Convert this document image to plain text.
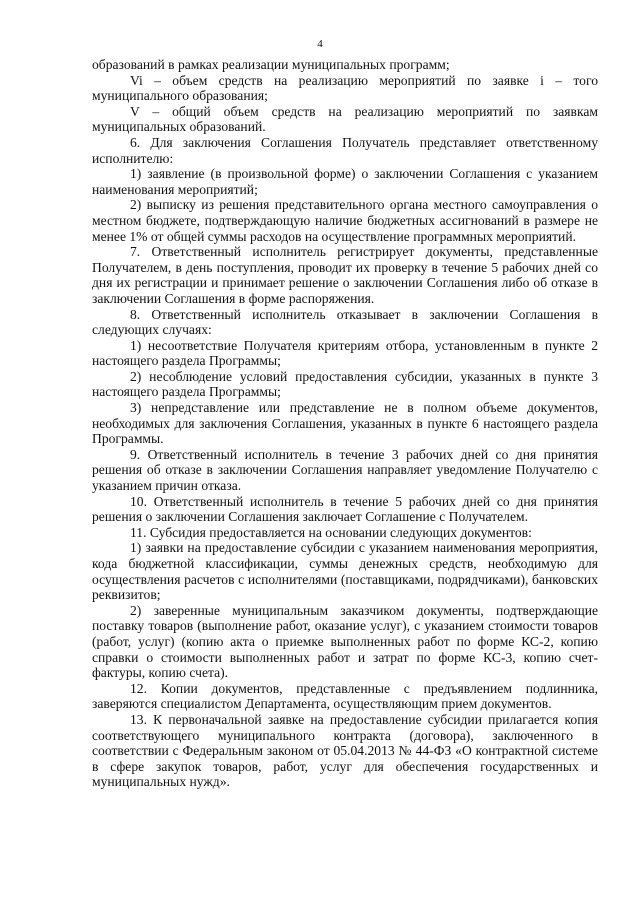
4

образований в рамках реализации муниципальных программ;

Vi – объем средств на реализацию мероприятий по заявке i – того муниципального образования;

V – общий объем средств на реализацию мероприятий по заявкам муниципальных образований.

6. Для заключения Соглашения Получатель представляет ответственному исполнителю:

1) заявление (в произвольной форме) о заключении Соглашения с указанием наименования мероприятий;

2) выписку из решения представительного органа местного самоуправления о местном бюджете, подтверждающую наличие бюджетных ассигнований в размере не менее 1% от общей суммы расходов на осуществление программных мероприятий.

7. Ответственный исполнитель регистрирует документы, представленные Получателем, в день поступления, проводит их проверку в течение 5 рабочих дней со дня их регистрации и принимает решение о заключении Соглашения либо об отказе в заключении Соглашения в форме распоряжения.

8. Ответственный исполнитель отказывает в заключении Соглашения в следующих случаях:

1) несоответствие Получателя критериям отбора, установленным в пункте 2 настоящего раздела Программы;

2) несоблюдение условий предоставления субсидии, указанных в пункте 3 настоящего раздела Программы;

3) непредставление или представление не в полном объеме документов, необходимых для заключения Соглашения, указанных в пункте 6 настоящего раздела Программы.

9. Ответственный исполнитель в течение 3 рабочих дней со дня принятия решения об отказе в заключении Соглашения направляет уведомление Получателю с указанием причин отказа.

10. Ответственный исполнитель в течение 5 рабочих дней со дня принятия решения о заключении Соглашения заключает Соглашение с Получателем.

11. Субсидия предоставляется на основании следующих документов:

1) заявки на предоставление субсидии с указанием наименования мероприятия, кода бюджетной классификации, суммы денежных средств, необходимую для осуществления расчетов с исполнителями (поставщиками, подрядчиками), банковских реквизитов;

2) заверенные муниципальным заказчиком документы, подтверждающие поставку товаров (выполнение работ, оказание услуг), с указанием стоимости товаров (работ, услуг) (копию акта о приемке выполненных работ по форме КС-2, копию справки о стоимости выполненных работ и затрат по форме КС-3, копию счет-фактуры, копию счета).

12. Копии документов, представленные с предъявлением подлинника, заверяются специалистом Департамента, осуществляющим прием документов.

13. К первоначальной заявке на предоставление субсидии прилагается копия соответствующего муниципального контракта (договора), заключенного в соответствии с Федеральным законом от 05.04.2013 № 44-ФЗ «О контрактной системе в сфере закупок товаров, работ, услуг для обеспечения государственных и муниципальных нужд».
